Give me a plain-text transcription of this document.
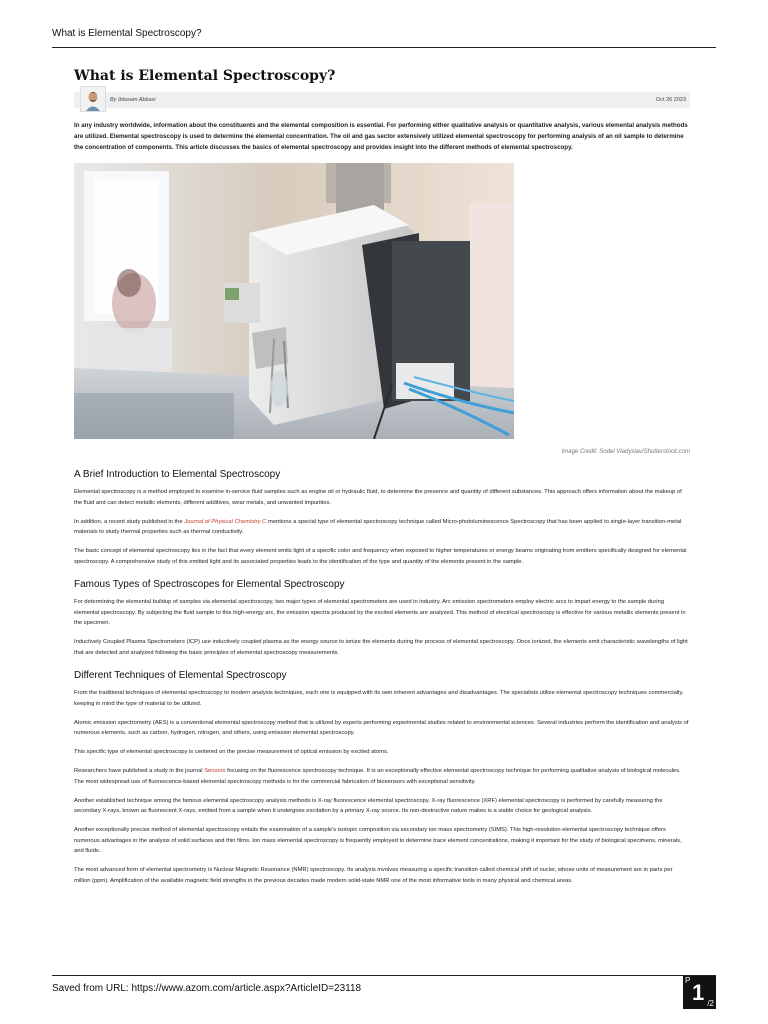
What is Elemental Spectroscopy?
What is Elemental Spectroscopy?
By Ibtasam Abbasi	Oct 26 2023

In any industry worldwide, information about the constituents and the elemental composition is essential. For performing either qualitative analysis or quantitative analysis, various elemental analysis methods are utilized. Elemental spectroscopy is used to determine the elemental concentration. The oil and gas sector extensively utilized elemental spectroscopy for performing analysis of an oil sample to determine the concentration of components. This article discusses the basics of elemental spectroscopy and provides insight into the different methods of elemental spectroscopy.

Image Credit: Sodel Vladyslav/Shutterstock.com
A Brief Introduction to Elemental Spectroscopy

Elemental spectroscopy is a method employed to examine in-service fluid samples such as engine oil or hydraulic fluid, to determine the presence and quantity of different substances. This approach offers information about the makeup of the fluid and can detect metallic elements, different additives, wear metals, and unwanted impurities.

In addition, a recent study published in the Journal of Physical Chemistry C mentions a special type of elemental spectroscopy technique called Micro-photoluminescence Spectroscopy that has been applied to single-layer transition-metal materials to study thermal properties such as thermal conductivity.

The basic concept of elemental spectroscopy lies in the fact that every element emits light of a specific color and frequency when exposed to higher temperatures or energy beams originating from emitters specifically designed for elemental spectroscopy. A comprehensive study of this emitted light and its associated properties leads to the identification of the type and quantity of the elements present in the sample.

Famous Types of Spectroscopes for Elemental Spectroscopy

For determining the elemental buildup of samples via elemental spectroscopy, two major types of elemental spectrometers are used in industry. Arc emission spectrometers employ electric arcs to impart energy to the sample during elemental spectroscopy. By subjecting the fluid sample to this high-energy arc, the emission spectra produced by the excited elements are analyzed. This method of electrical spectroscopy is effective for various metallic elements present in the specimen.

Inductively Coupled Plasma Spectrometers (ICP) use inductively coupled plasma as the energy source to ionize the elements during the process of elemental spectroscopy. Once ionized, the elements emit characteristic wavelengths of light that are detected and analyzed following the basic principles of elemental spectroscopy measurements.

Different Techniques of Elemental Spectroscopy

From the traditional techniques of elemental spectroscopy to modern analysis techniques, each one is equipped with its own inherent advantages and disadvantages. The specialists utilize elemental spectroscopy techniques commercially, keeping in mind the type of material to be utilized.

Atomic emission spectrometry (AES) is a conventional elemental spectroscopy method that is utilized by experts performing experimental studies related to environmental sciences. Several industries perform the identification and analysis of numerous elements, such as carbon, hydrogen, nitrogen, and others, using emission elemental spectroscopy.

This specific type of elemental spectroscopy is centered on the precise measurement of optical emission by excited atoms.

Researchers have published a study in the journal Sensors focusing on the fluorescence spectroscopy technique. It is an exceptionally effective elemental spectroscopy technique for performing qualitative analysis of biological molecules. The most widespread use of fluorescence-based elemental spectroscopy methods is for the commercial fabrication of biosensors with exceptional sensitivity.

Another established technique among the famous elemental spectroscopy analysis methods is X-ray fluorescence elemental spectroscopy. X-ray fluorescence (XRF) elemental spectroscopy is performed by carefully measuring the secondary X-rays, known as fluorescent X-rays, emitted from a sample when it undergoes excitation by a primary X-ray source. Its non-destructive nature makes is a viable choice for geological analysis.

Another exceptionally precise method of elemental spectroscopy entails the examination of a sample's isotopic composition via secondary ion mass spectrometry (SIMS). This high-resolution elemental spectroscopy technique offers numerous advantages in the analysis of solid surfaces and thin films. Ion mass elemental spectroscopy is frequently employed to determine trace element concentrations, making it important for the study of biological specimens, minerals, and fluids.

The most advanced form of elemental spectrometry is Nuclear Magnetic Resonance (NMR) spectroscopy. Its analysis involves measuring a specific transition called chemical shift of nuclei, whose units of measurement are in parts per million (ppm). Amplification of the available magnetic field strengths in the previous decades made modern solid-state NMR one of the most informative tools in many physical and chemical areas.

Saved from URL: https://www.azom.com/article.aspx?ArticleID=23118
P 1 /2
